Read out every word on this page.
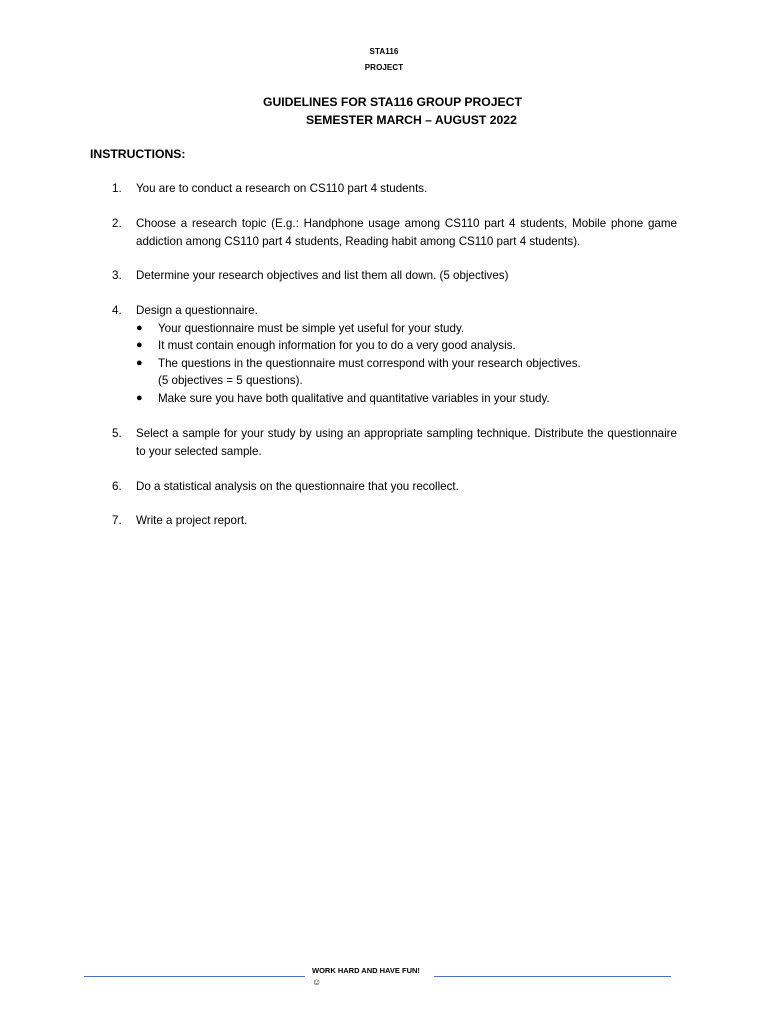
STA116
PROJECT
GUIDELINES FOR STA116 GROUP PROJECT
SEMESTER MARCH – AUGUST 2022
INSTRUCTIONS:
1.	You are to conduct a research on CS110 part 4 students.
2.	Choose a research topic (E.g.: Handphone usage among CS110 part 4 students, Mobile phone game addiction among CS110 part 4 students, Reading habit among CS110 part 4 students).
3.	Determine your research objectives and list them all down. (5 objectives)
4.	Design a questionnaire.
● Your questionnaire must be simple yet useful for your study.
● It must contain enough information for you to do a very good analysis.
● The questions in the questionnaire must correspond with your research objectives.
(5 objectives = 5 questions).
● Make sure you have both qualitative and quantitative variables in your study.
5.	Select a sample for your study by using an appropriate sampling technique. Distribute the questionnaire to your selected sample.
6.	Do a statistical analysis on the questionnaire that you recollect.
7.	Write a project report.
WORK HARD AND HAVE FUN!
☺
